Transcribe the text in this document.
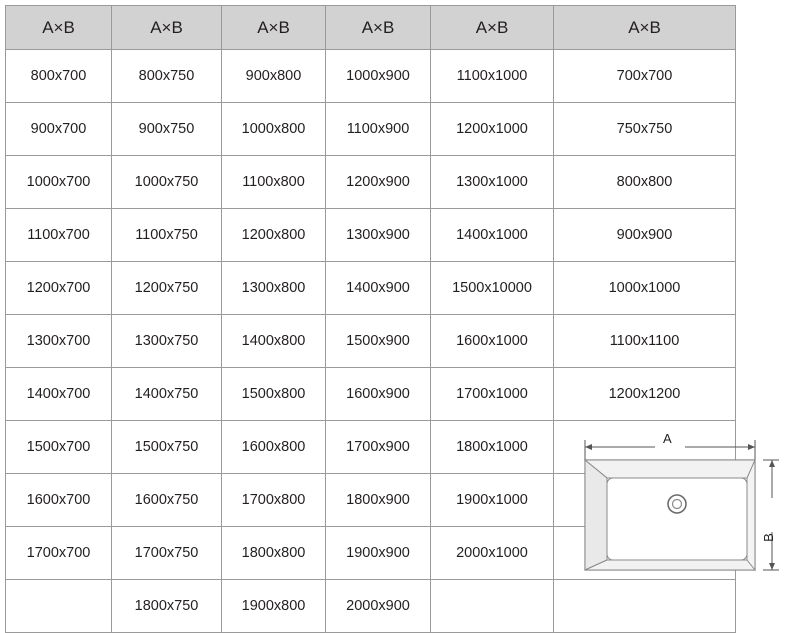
A×B	A×B	A×B	A×B	A×B	A×B
800x700	800x750	900x800	1000x900	1100x1000	700x700
900x700	900x750	1000x800	1100x900	1200x1000	750x750
1000x700	1000x750	1100x800	1200x900	1300x1000	800x800
1100x700	1100x750	1200x800	1300x900	1400x1000	900x900
1200x700	1200x750	1300x800	1400x900	1500x10000	1000x1000
1300x700	1300x750	1400x800	1500x900	1600x1000	1100x1100
1400x700	1400x750	1500x800	1600x900	1700x1000	1200x1200
1500x700	1500x750	1600x800	1700x900	1800x1000	
1600x700	1600x750	1700x800	1800x900	1900x1000	
1700x700	1700x750	1800x800	1900x900	2000x1000	
	1800x750	1900x800	2000x900		
A
B
